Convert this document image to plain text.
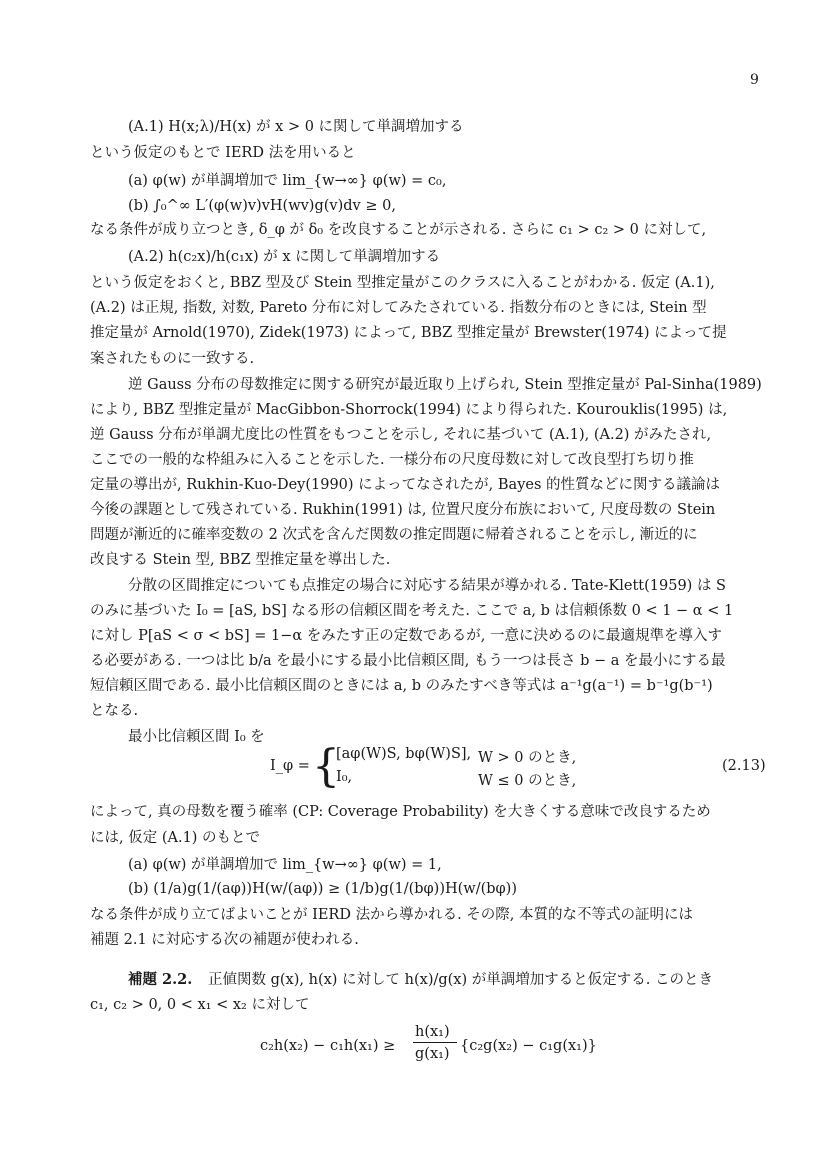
9
(A.1) H(x;λ)/H(x) が x > 0 に関して単調増加する
という仮定のもとで IERD 法を用いると
(a) φ(w) が単調増加で lim_{w→∞} φ(w) = c₀,
(b) ∫₀^∞ L′(φ(w)v)vH(wv)g(v)dv ≥ 0,
なる条件が成り立つとき, δ_φ が δ₀ を改良することが示される. さらに c₁ > c₂ > 0 に対して,
(A.2) h(c₂x)/h(c₁x) が x に関して単調増加する
という仮定をおくと, BBZ 型及び Stein 型推定量がこのクラスに入ることがわかる. 仮定 (A.1),
(A.2) は正規, 指数, 対数, Pareto 分布に対してみたされている. 指数分布のときには, Stein 型
推定量が Arnold(1970), Zidek(1973) によって, BBZ 型推定量が Brewster(1974) によって提
案されたものに一致する.
逆 Gauss 分布の母数推定に関する研究が最近取り上げられ, Stein 型推定量が Pal-Sinha(1989)
により, BBZ 型推定量が MacGibbon-Shorrock(1994) により得られた. Kourouklis(1995) は,
逆 Gauss 分布が単調尤度比の性質をもつことを示し, それに基づいて (A.1), (A.2) がみたされ,
ここでの一般的な枠組みに入ることを示した. 一様分布の尺度母数に対して改良型打ち切り推
定量の導出が, Rukhin-Kuo-Dey(1990) によってなされたが, Bayes 的性質などに関する議論は
今後の課題として残されている. Rukhin(1991) は, 位置尺度分布族において, 尺度母数の Stein
問題が漸近的に確率変数の 2 次式を含んだ関数の推定問題に帰着されることを示し, 漸近的に
改良する Stein 型, BBZ 型推定量を導出した.
分散の区間推定についても点推定の場合に対応する結果が導かれる. Tate-Klett(1959) は S
のみに基づいた I₀ = [aS, bS] なる形の信頼区間を考えた. ここで a, b は信頼係数 0 < 1 − α < 1
に対し P[aS < σ < bS] = 1−α をみたす正の定数であるが, 一意に決めるのに最適規準を導入す
る必要がある. 一つは比 b/a を最小にする最小比信頼区間, もう一つは長さ b − a を最小にする最
短信頼区間である. 最小比信頼区間のときには a, b のみたすべき等式は a⁻¹g(a⁻¹) = b⁻¹g(b⁻¹)
となる.
最小比信頼区間 I₀ を
I_φ = {
[aφ(W)S, bφ(W)S], W > 0 のとき,
I₀,	W ≤ 0 のとき,
(2.13)
によって, 真の母数を覆う確率 (CP: Coverage Probability) を大きくする意味で改良するため
には, 仮定 (A.1) のもとで
(a) φ(w) が単調増加で lim_{w→∞} φ(w) = 1,
(b) (1/a)g(1/(aφ))H(w/(aφ)) ≥ (1/b)g(1/(bφ))H(w/(bφ))
なる条件が成り立てばよいことが IERD 法から導かれる. その際, 本質的な不等式の証明には
補題 2.1 に対応する次の補題が使われる.
補題 2.2. 正値関数 g(x), h(x) に対して h(x)/g(x) が単調増加すると仮定する. このとき
c₁, c₂ > 0, 0 < x₁ < x₂ に対して
c₂h(x₂) − c₁h(x₁) ≥
h(x₁)
g(x₁) {c₂g(x₂) − c₁g(x₁)}
